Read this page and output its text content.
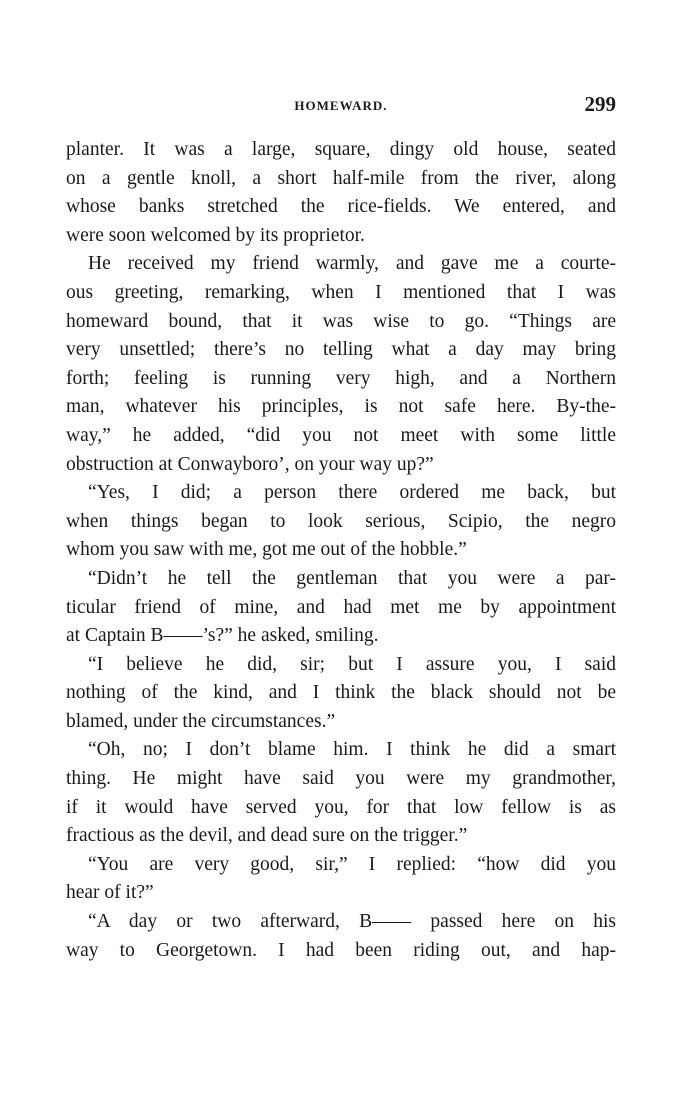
HOMEWARD.	299
planter. It was a large, square, dingy old house, seated
on a gentle knoll, a short half-mile from the river, along
whose banks stretched the rice-fields. We entered, and
were soon welcomed by its proprietor.
He received my friend warmly, and gave me a courte-
ous greeting, remarking, when I mentioned that I was
homeward bound, that it was wise to go. “Things are
very unsettled; there’s no telling what a day may bring
forth; feeling is running very high, and a Northern
man, whatever his principles, is not safe here. By-the-
way,” he added, “did you not meet with some little
obstruction at Conwayboro’, on your way up?”
“Yes, I did; a person there ordered me back, but
when things began to look serious, Scipio, the negro
whom you saw with me, got me out of the hobble.”
“Didn’t he tell the gentleman that you were a par-
ticular friend of mine, and had met me by appointment
at Captain B——’s?” he asked, smiling.
“I believe he did, sir; but I assure you, I said
nothing of the kind, and I think the black should not be
blamed, under the circumstances.”
“Oh, no; I don’t blame him. I think he did a smart
thing. He might have said you were my grandmother,
if it would have served you, for that low fellow is as
fractious as the devil, and dead sure on the trigger.”
“You are very good, sir,” I replied: “how did you
hear of it?”
“A day or two afterward, B—— passed here on his
way to Georgetown. I had been riding out, and hap-
